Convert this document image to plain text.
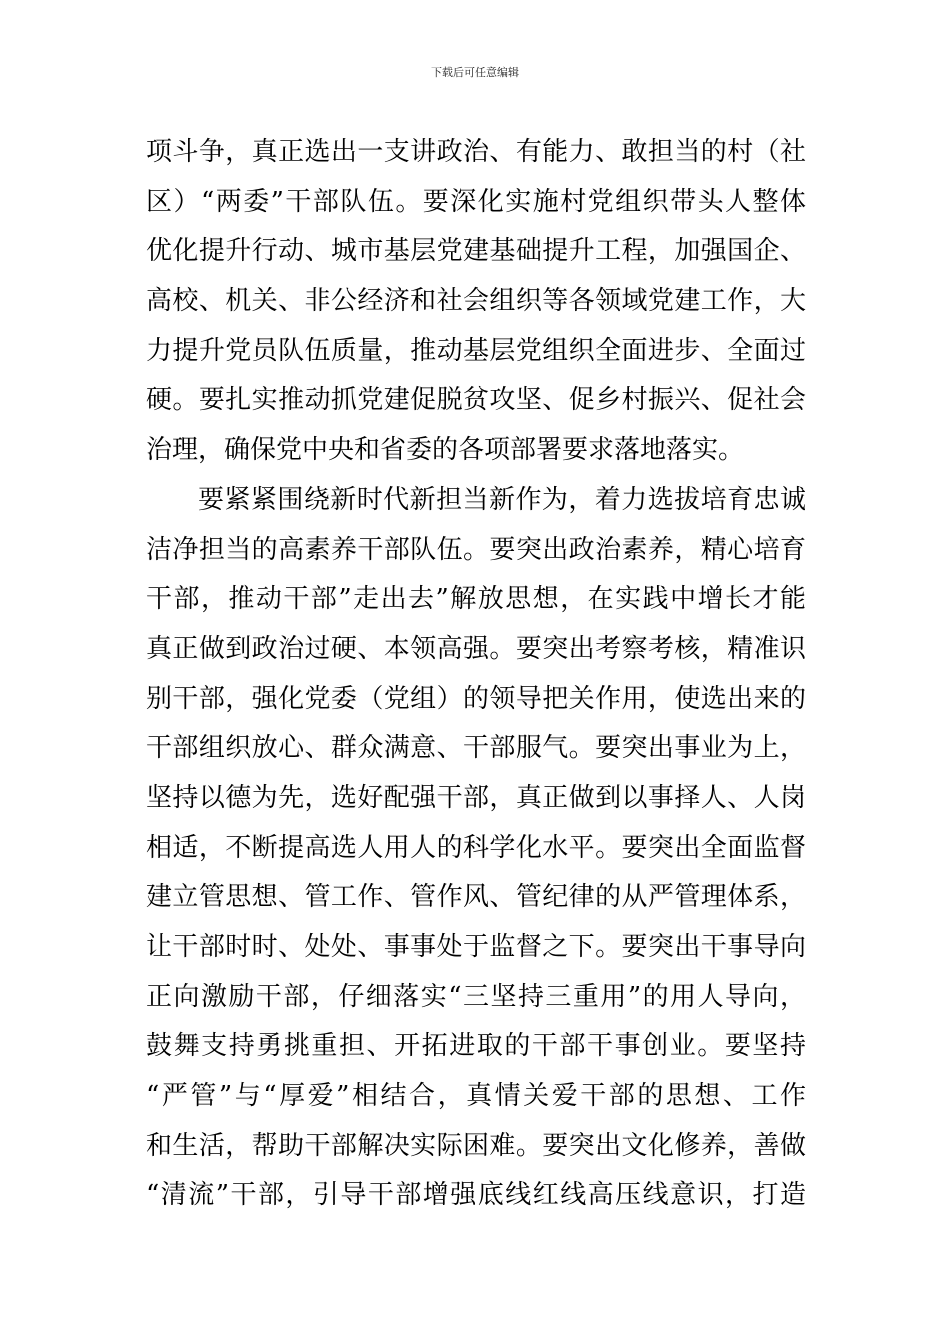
下载后可任意编辑
项斗争，真正选出一支讲政治、有能力、敢担当的村（社
区）“两委”干部队伍。要深化实施村党组织带头人整体
优化提升行动、城市基层党建基础提升工程，加强国企、
高校、机关、非公经济和社会组织等各领域党建工作，大
力提升党员队伍质量，推动基层党组织全面进步、全面过
硬。要扎实推动抓党建促脱贫攻坚、促乡村振兴、促社会
治理，确保党中央和省委的各项部署要求落地落实。
要紧紧围绕新时代新担当新作为，着力选拔培育忠诚
洁净担当的高素养干部队伍。要突出政治素养，精心培育
干部，推动干部”走出去”解放思想，在实践中增长才能
真正做到政治过硬、本领高强。要突出考察考核，精准识
别干部，强化党委（党组）的领导把关作用，使选出来的
干部组织放心、群众满意、干部服气。要突出事业为上，
坚持以德为先，选好配强干部，真正做到以事择人、人岗
相适，不断提高选人用人的科学化水平。要突出全面监督
建立管思想、管工作、管作风、管纪律的从严管理体系，
让干部时时、处处、事事处于监督之下。要突出干事导向
正向激励干部，仔细落实“三坚持三重用”的用人导向，
鼓舞支持勇挑重担、开拓进取的干部干事创业。要坚持
“严管”与“厚爱”相结合，真情关爱干部的思想、工作
和生活，帮助干部解决实际困难。要突出文化修养，善做
“清流”干部，引导干部增强底线红线高压线意识，打造
